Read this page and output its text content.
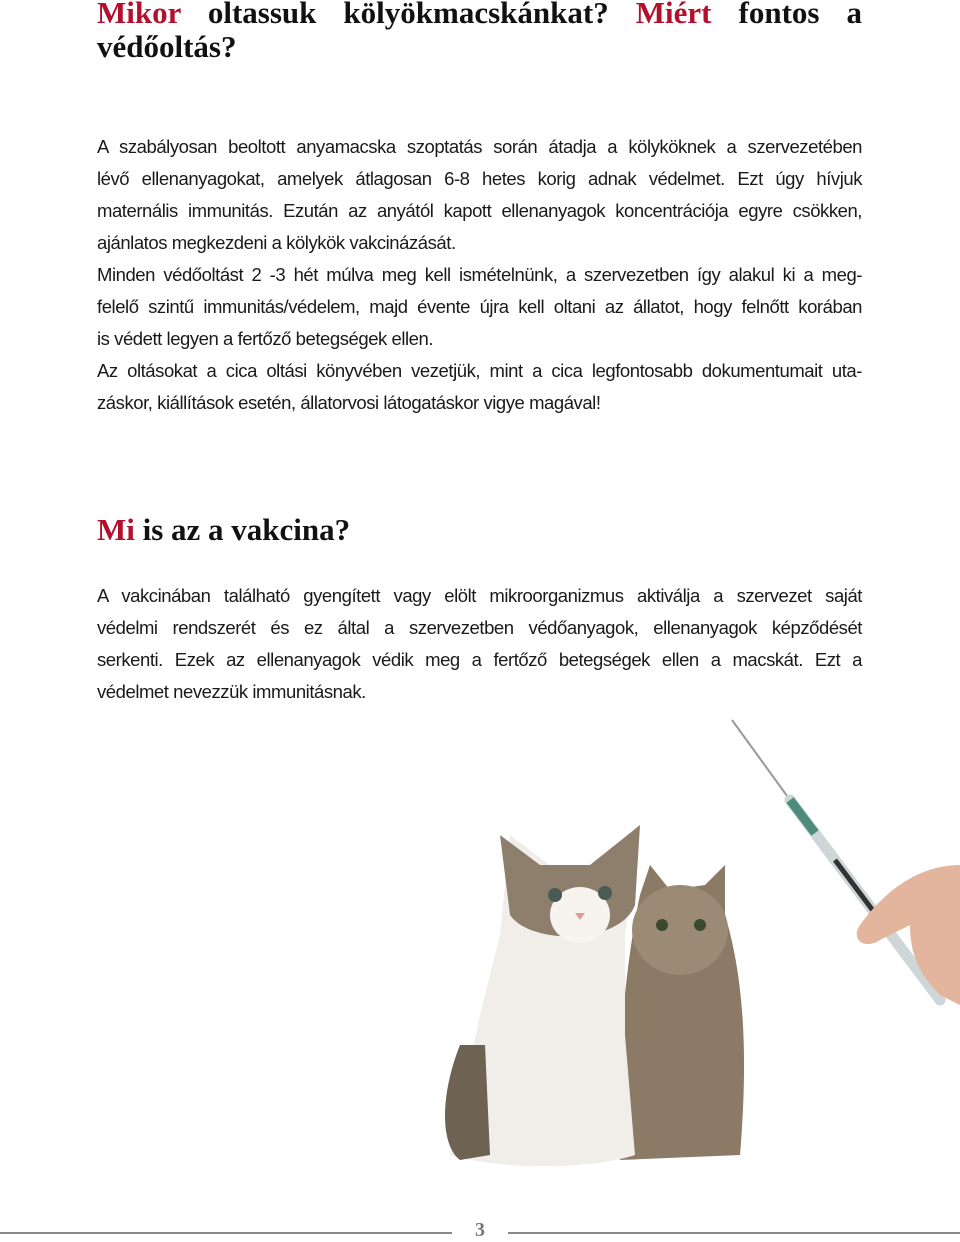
Mikor oltassuk kölyökmacskánkat? Miért fontos a
védőoltás?
A szabályosan beoltott anyamacska szoptatás során átadja a kölyköknek a szervezetében
lévő ellenanyagokat, amelyek átlagosan 6-8 hetes korig adnak védelmet. Ezt úgy hívjuk
maternális immunitás. Ezután az anyától kapott ellenanyagok koncentrációja egyre csökken,
ajánlatos megkezdeni a kölykök vakcinázását.
Minden védőoltást 2 -3 hét múlva meg kell ismételnünk, a szervezetben így alakul ki a meg-
felelő szintű immunitás/védelem, majd évente újra kell oltani az állatot, hogy felnőtt korában
is védett legyen a fertőző betegségek ellen.
Az oltásokat a cica oltási könyvében vezetjük, mint a cica legfontosabb dokumentumait uta-
záskor, kiállítások esetén, állatorvosi látogatáskor vigye magával!
Mi is az a vakcina?
A vakcinában található gyengített vagy elölt mikroorganizmus aktiválja a szervezet saját
védelmi rendszerét és ez által a szervezetben védőanyagok, ellenanyagok képződését
serkenti. Ezek az ellenanyagok védik meg a fertőző betegségek ellen a macskát. Ezt a
védelmet nevezzük immunitásnak.
3
